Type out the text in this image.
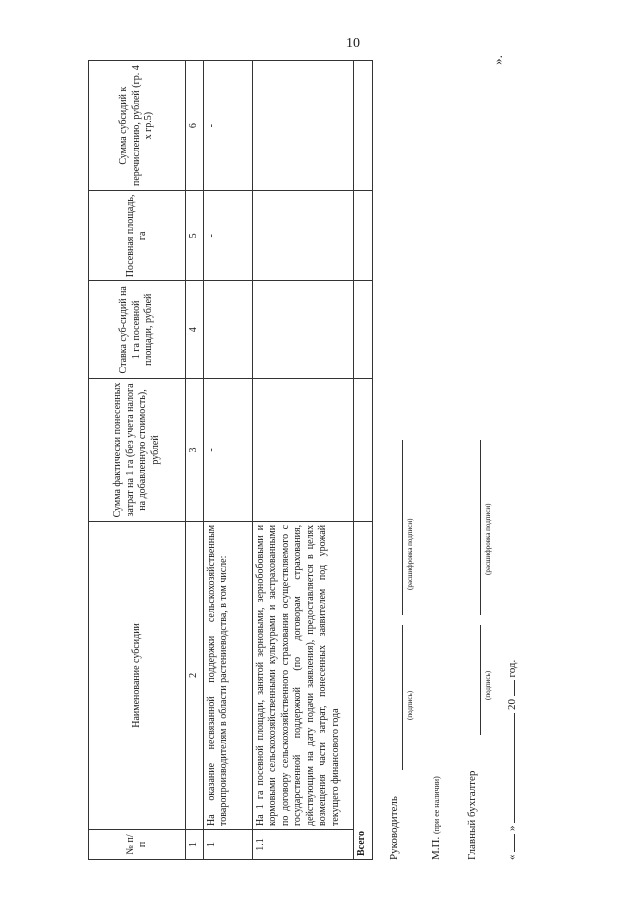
10
».
№ п/п	Наименование субсидии	Сумма фактически понесенных затрат на 1 га (без учета налога на добавленную стоимость), рублей	Ставка суб-сидий на 1 га посевной площади, рублей	Посевная площадь, га	Сумма субсидий к перечислению, рублей (гр. 4 х гр.5)
1	2	3	4	5	6
1	На оказание несвязанной поддержки сельскохозяйственным товаропроизводителям в области растениеводства, в том числе:	-		-	-
1.1	На 1 га посевной площади, занятой зерновыми, зернобобовыми и кормовыми сельскохозяйственными культурами и застрахованными по договору сельскохозяйственного страхования осуществляемого с государственной поддержкой (по договорам страхования, действующим на дату подачи заявления), предоставляется в целях возмещения части затрат, понесенных заявителем под урожай текущего финансового года				
Всего					Руководитель
(подпись)
(расшифровка подписи)
М.П. (при ее наличии) Главный бухгалтер
(подпись)
(расшифровка подписи)
«  »  20  год.
